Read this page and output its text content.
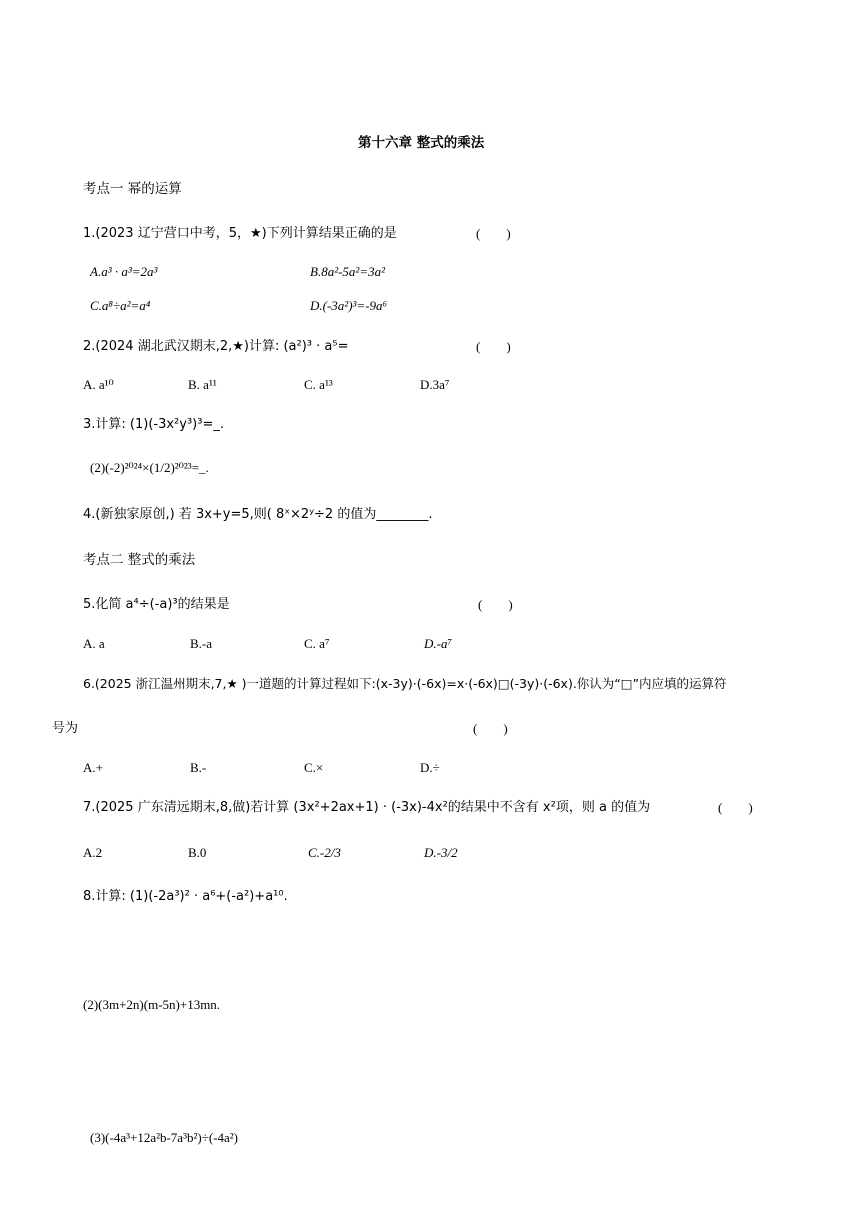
第十六章 整式的乘法
考点一 幂的运算
1.(2023 辽宁营口中考，5，★)下列计算结果正确的是	(　　)
A.a³ · a³=2a³	B.8a²-5a²=3a²
C.a⁸÷a²=a⁴	D.(-3a²)³=-9a⁶
2.(2024 湖北武汉期末,2,★)计算: (a²)³ · a⁵=	(　　)
A. a¹⁰	B. a¹¹	C. a¹³	D.3a⁷
3.计算: (1)(-3x²y³)³=_.
(2)(-2)²⁰²⁴×(1/2)²⁰²³=_.
4.(新独家原创,) 若 3x+y=5,则( 8ˣ×2ʸ÷2 的值为________.
考点二 整式的乘法
5.化简 a⁴÷(-a)³的结果是	(　　)
A. a	B.-a	C. a⁷	D.-a⁷
6.(2025 浙江温州期末,7,★ )一道题的计算过程如下:(x-3y)·(-6x)=x·(-6x)□(-3y)·(-6x).你认为“□”内应填的运算符
号为	(　　)
A.+	B.-	C.×	D.÷
7.(2025 广东清远期末,8,做)若计算 (3x²+2ax+1) · (-3x)-4x²的结果中不含有 x²项，则 a 的值为	(　　)
A.2	B.0	C.-2/3	D.-3/2
8.计算: (1)(-2a³)² · a⁶+(-a²)+a¹⁰.
(2)(3m+2n)(m-5n)+13mn.
(3)(-4a³+12a²b-7a³b²)÷(-4a²)
